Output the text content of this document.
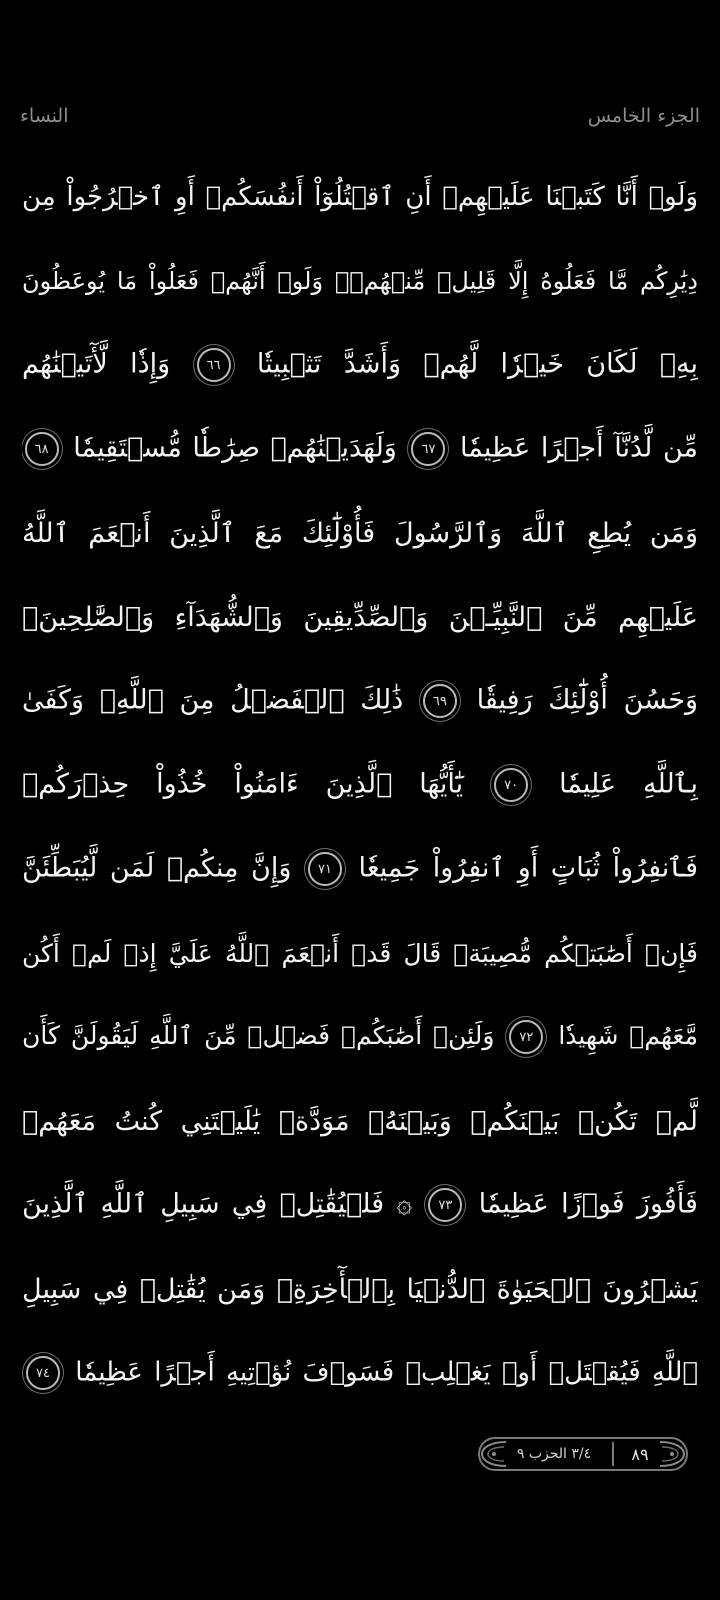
النساء	الجزء الخامس
وَلَوۡ أَنَّا كَتَبۡنَا عَلَيۡهِمۡ أَنِ ٱقۡتُلُوٓاْ أَنفُسَكُمۡ أَوِ ٱخۡرُجُواْ مِن
دِيَٰرِكُم مَّا فَعَلُوهُ إِلَّا قَلِيلٞ مِّنۡهُمۡۖ وَلَوۡ أَنَّهُمۡ فَعَلُواْ مَا يُوعَظُونَ
بِهِۦ لَكَانَ خَيۡرٗا لَّهُمۡ وَأَشَدَّ تَثۡبِيتٗا
٦٦
وَإِذٗا لَّأٓتَيۡنَٰهُم
مِّن لَّدُنَّآ أَجۡرًا عَظِيمٗا
٦٧
وَلَهَدَيۡنَٰهُمۡ صِرَٰطٗا مُّسۡتَقِيمٗا
٦٨
وَمَن يُطِعِ ٱللَّهَ وَٱلرَّسُولَ فَأُوْلَٰٓئِكَ مَعَ ٱلَّذِينَ أَنۡعَمَ ٱللَّهُ
عَلَيۡهِم مِّنَ ٱلنَّبِيِّـۧنَ وَٱلصِّدِّيقِينَ وَٱلشُّهَدَآءِ وَٱلصَّٰلِحِينَۚ
وَحَسُنَ أُوْلَٰٓئِكَ رَفِيقٗا
٦٩
ذَٰلِكَ ٱلۡفَضۡلُ مِنَ ٱللَّهِۚ وَكَفَىٰ
بِٱللَّهِ عَلِيمٗا
٧٠
يَٰٓأَيُّهَا ٱلَّذِينَ ءَامَنُواْ خُذُواْ حِذۡرَكُمۡ
فَٱنفِرُواْ ثُبَاتٍ أَوِ ٱنفِرُواْ جَمِيعٗا
٧١
وَإِنَّ مِنكُمۡ لَمَن لَّيُبَطِّئَنَّ
فَإِنۡ أَصَٰبَتۡكُم مُّصِيبَةٞ قَالَ قَدۡ أَنۡعَمَ ٱللَّهُ عَلَيَّ إِذۡ لَمۡ أَكُن
مَّعَهُمۡ شَهِيدٗا
٧٢
وَلَئِنۡ أَصَٰبَكُمۡ فَضۡلٞ مِّنَ ٱللَّهِ لَيَقُولَنَّ كَأَن
لَّمۡ تَكُنۢ بَيۡنَكُمۡ وَبَيۡنَهُۥ مَوَدَّةٞ يَٰلَيۡتَنِي كُنتُ مَعَهُمۡ
فَأَفُوزَ فَوۡزًا عَظِيمٗا
٧٣
۞ فَلۡيُقَٰتِلۡ فِي سَبِيلِ ٱللَّهِ ٱلَّذِينَ
يَشۡرُونَ ٱلۡحَيَوٰةَ ٱلدُّنۡيَا بِٱلۡأٓخِرَةِۚ وَمَن يُقَٰتِلۡ فِي سَبِيلِ
ٱللَّهِ فَيُقۡتَلۡ أَوۡ يَغۡلِبۡ فَسَوۡفَ نُؤۡتِيهِ أَجۡرًا عَظِيمٗا
٧٤
٣/٤ الحزب ٩	٨٩
